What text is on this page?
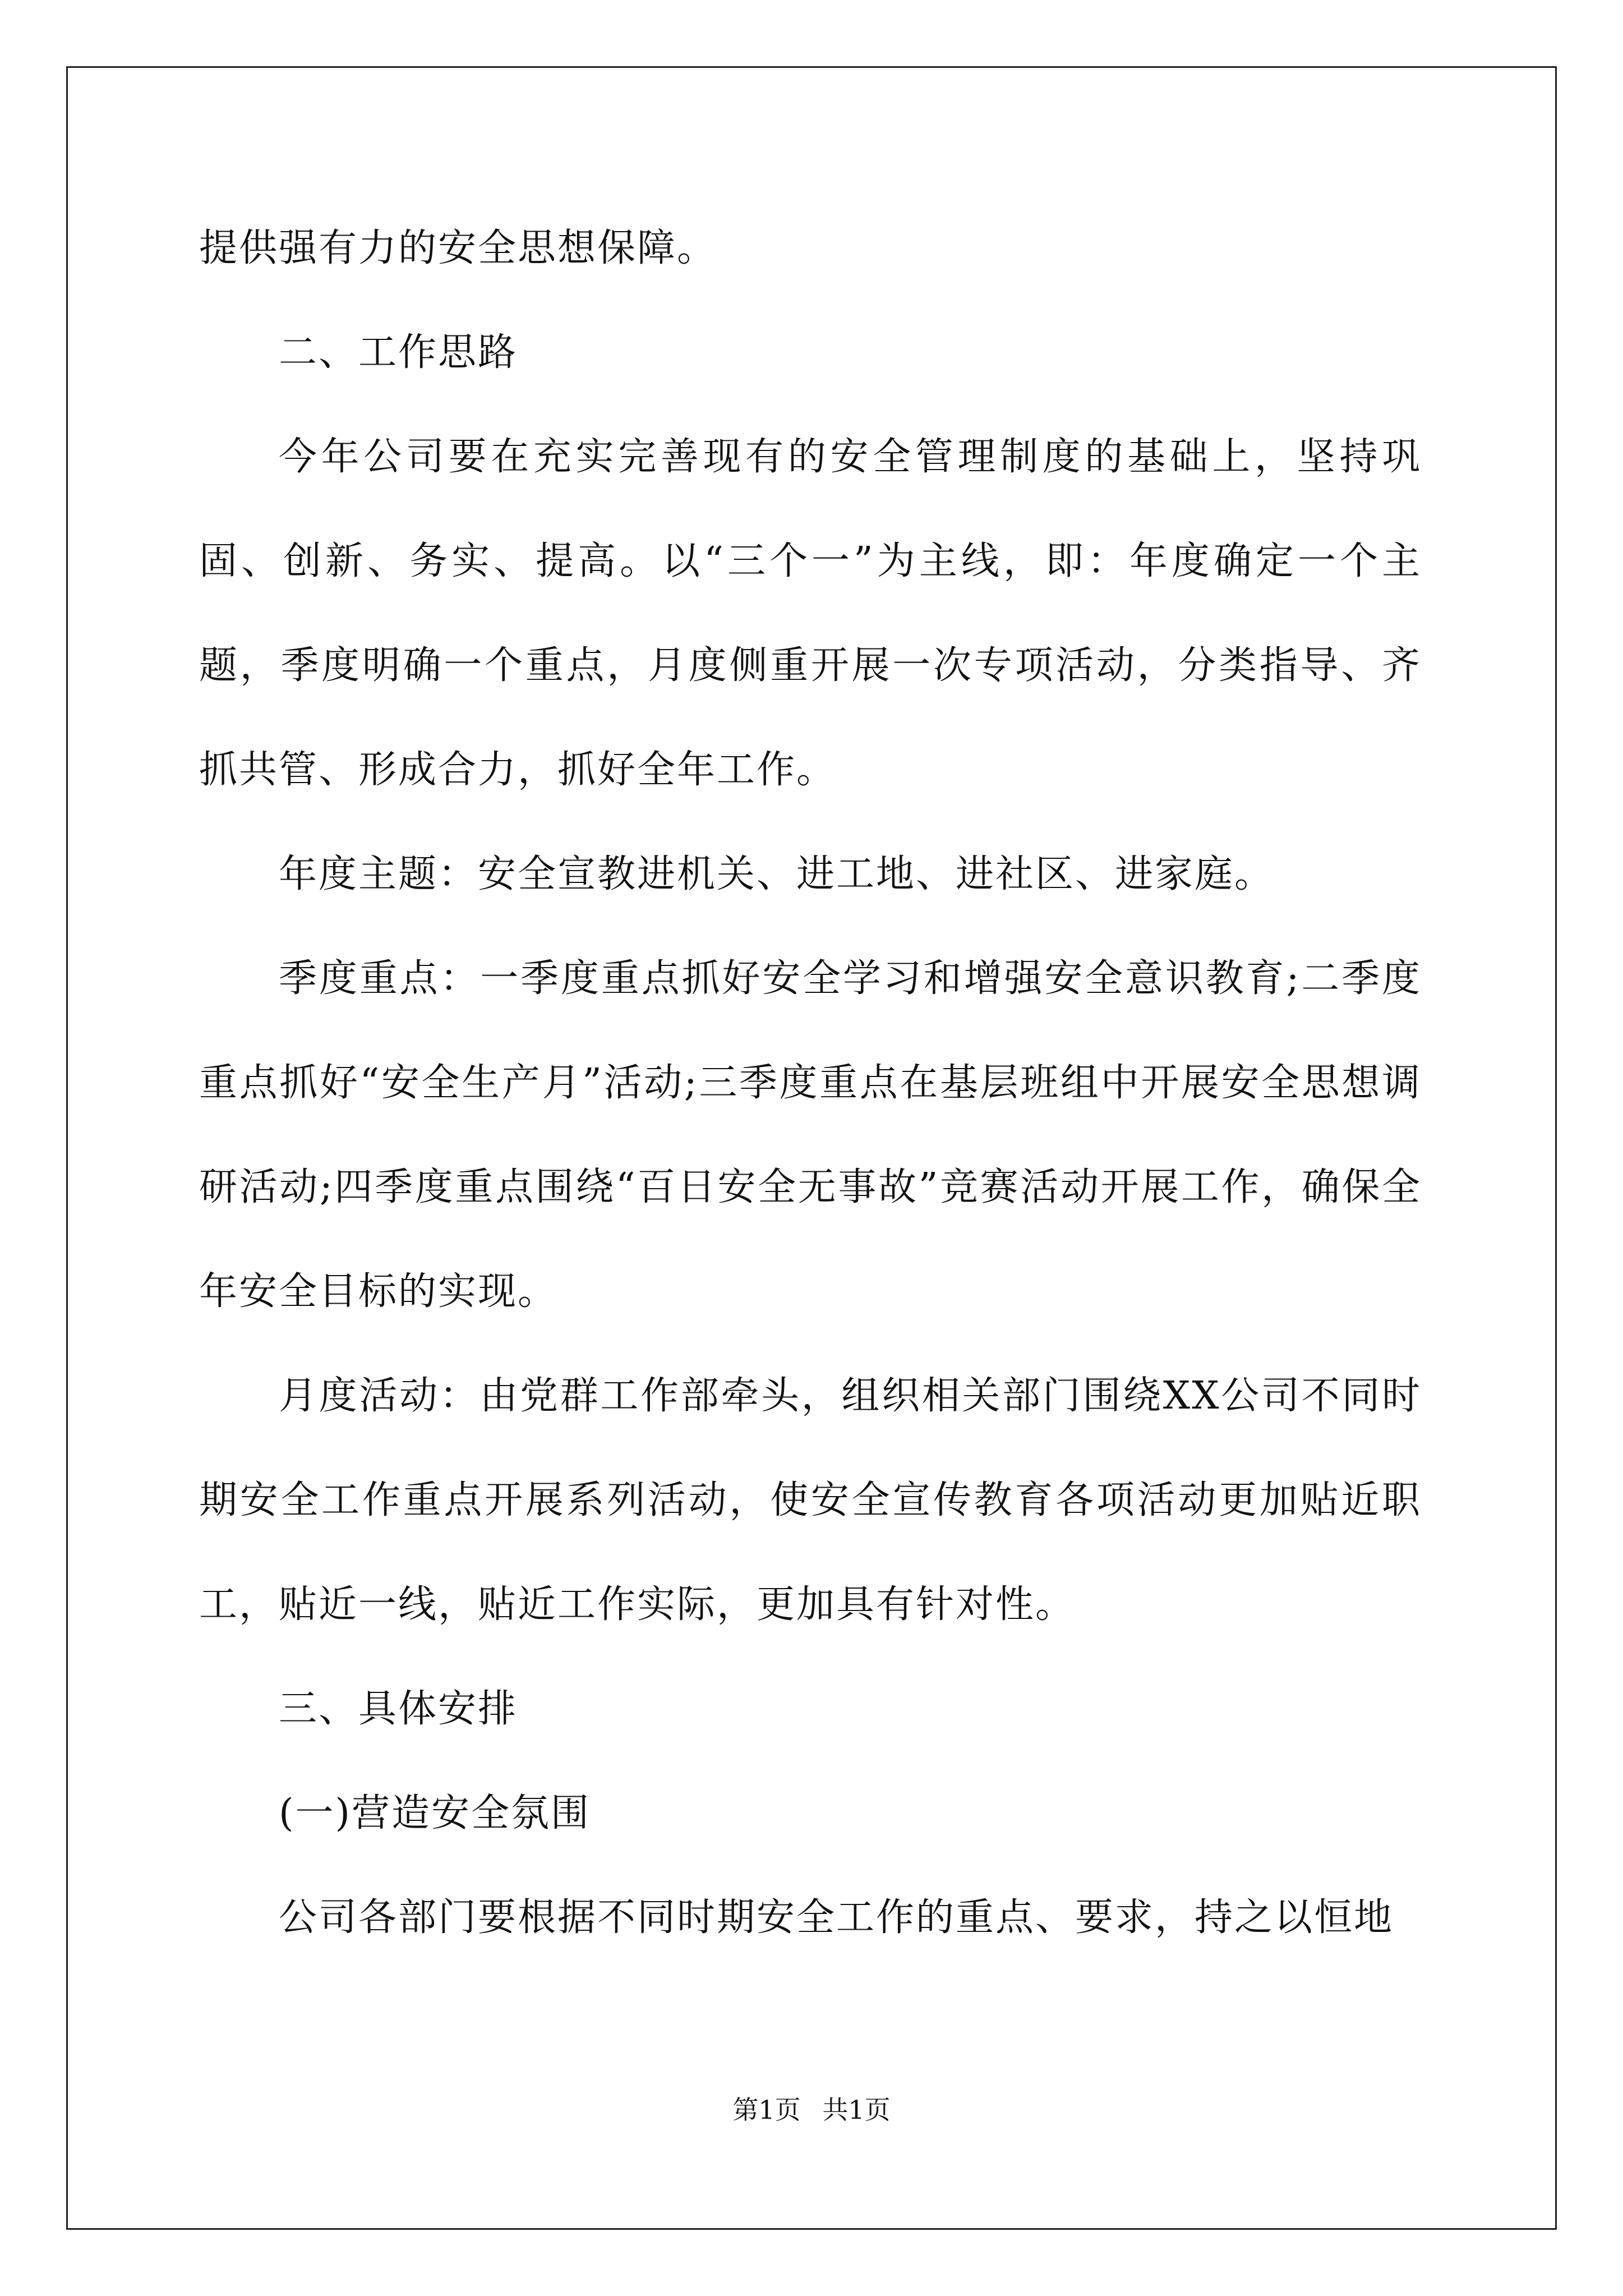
提供强有力的安全思想保障。

二、工作思路

今年公司要在充实完善现有的安全管理制度的基础上，坚持巩固、创新、务实、提高。以“三个一”为主线，即：年度确定一个主题，季度明确一个重点，月度侧重开展一次专项活动，分类指导、齐抓共管、形成合力，抓好全年工作。

年度主题：安全宣教进机关、进工地、进社区、进家庭。

季度重点：一季度重点抓好安全学习和增强安全意识教育;二季度重点抓好“安全生产月”活动;三季度重点在基层班组中开展安全思想调研活动;四季度重点围绕“百日安全无事故”竞赛活动开展工作，确保全年安全目标的实现。

月度活动：由党群工作部牵头，组织相关部门围绕XX公司不同时期安全工作重点开展系列活动，使安全宣传教育各项活动更加贴近职工，贴近一线，贴近工作实际，更加具有针对性。

三、具体安排

(一)营造安全氛围

公司各部门要根据不同时期安全工作的重点、要求，持之以恒地

第1页 共1页
